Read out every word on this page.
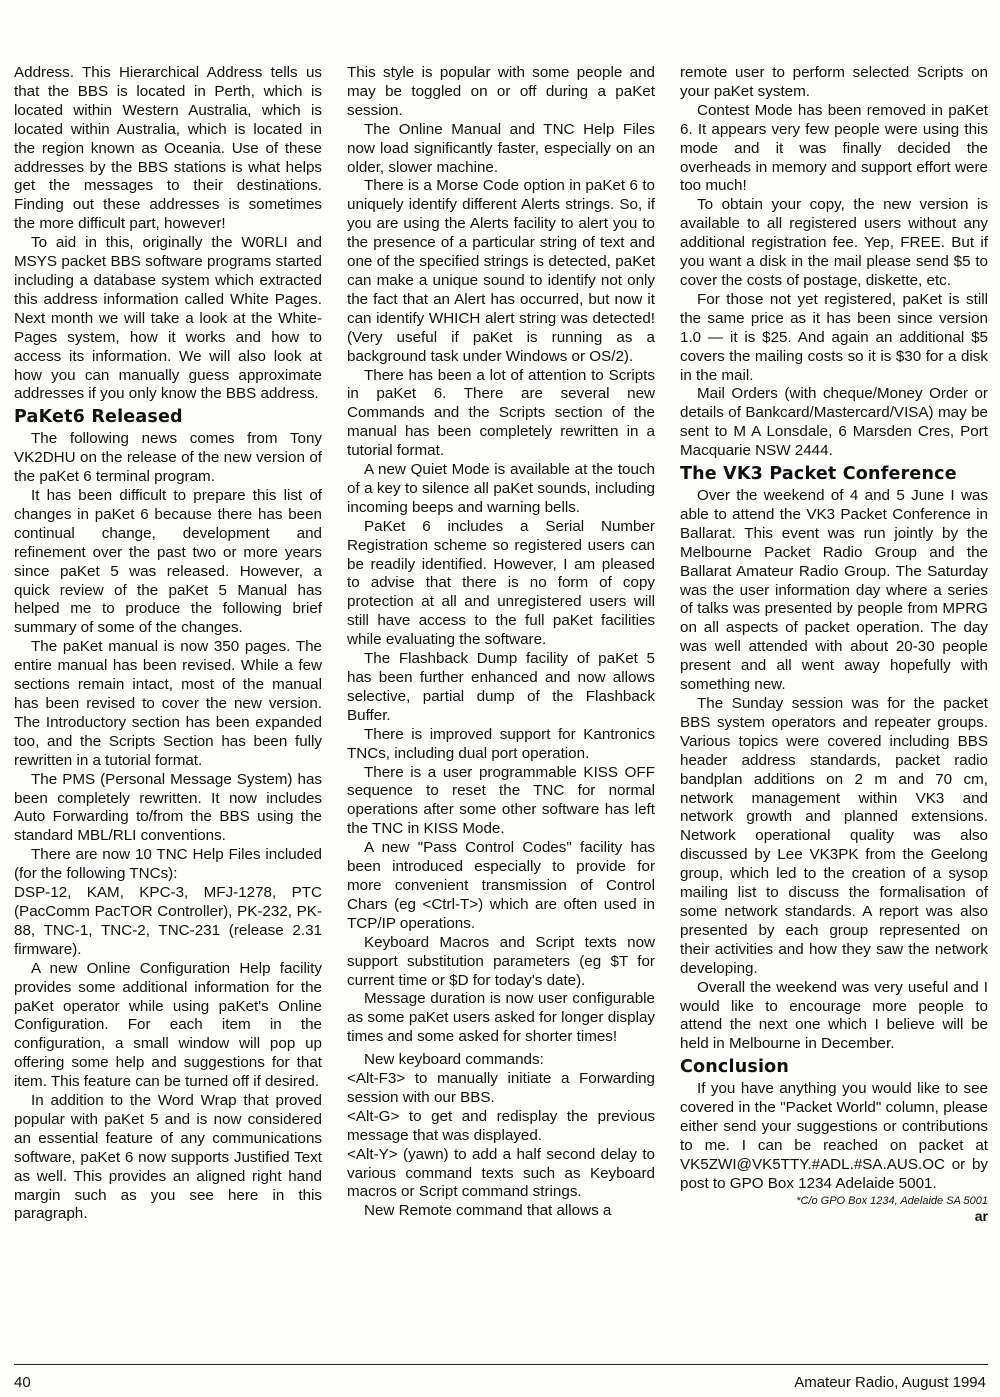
Address. This Hierarchical Address tells us that the BBS is located in Perth, which is located within Western Australia, which is located within Australia, which is located in the region known as Oceania. Use of these addresses by the BBS stations is what helps get the messages to their destinations. Finding out these addresses is sometimes the more difficult part, however!

To aid in this, originally the W0RLI and MSYS packet BBS software programs started including a database system which extracted this address information called White Pages. Next month we will take a look at the White-Pages system, how it works and how to access its information. We will also look at how you can manually guess approximate addresses if you only know the BBS address.

PaKet6 Released

The following news comes from Tony VK2DHU on the release of the new version of the paKet 6 terminal program.

It has been difficult to prepare this list of changes in paKet 6 because there has been continual change, development and refinement over the past two or more years since paKet 5 was released. However, a quick review of the paKet 5 Manual has helped me to produce the following brief summary of some of the changes.

The paKet manual is now 350 pages. The entire manual has been revised. While a few sections remain intact, most of the manual has been revised to cover the new version. The Introductory section has been expanded too, and the Scripts Section has been fully rewritten in a tutorial format.

The PMS (Personal Message System) has been completely rewritten. It now includes Auto Forwarding to/from the BBS using the standard MBL/RLI conventions.

There are now 10 TNC Help Files included (for the following TNCs):

DSP-12, KAM, KPC-3, MFJ-1278, PTC (PacComm PacTOR Controller), PK-232, PK-88, TNC-1, TNC-2, TNC-231 (release 2.31 firmware).

A new Online Configuration Help facility provides some additional information for the paKet operator while using paKet's Online Configuration. For each item in the configuration, a small window will pop up offering some help and suggestions for that item. This feature can be turned off if desired.

In addition to the Word Wrap that proved popular with paKet 5 and is now considered an essential feature of any communications software, paKet 6 now supports Justified Text as well. This provides an aligned right hand margin such as you see here in this paragraph.

This style is popular with some people and may be toggled on or off during a paKet session.

The Online Manual and TNC Help Files now load significantly faster, especially on an older, slower machine.

There is a Morse Code option in paKet 6 to uniquely identify different Alerts strings. So, if you are using the Alerts facility to alert you to the presence of a particular string of text and one of the specified strings is detected, paKet can make a unique sound to identify not only the fact that an Alert has occurred, but now it can identify WHICH alert string was detected! (Very useful if paKet is running as a background task under Windows or OS/2).

There has been a lot of attention to Scripts in paKet 6. There are several new Commands and the Scripts section of the manual has been completely rewritten in a tutorial format.

A new Quiet Mode is available at the touch of a key to silence all paKet sounds, including incoming beeps and warning bells.

PaKet 6 includes a Serial Number Registration scheme so registered users can be readily identified. However, I am pleased to advise that there is no form of copy protection at all and unregistered users will still have access to the full paKet facilities while evaluating the software.

The Flashback Dump facility of paKet 5 has been further enhanced and now allows selective, partial dump of the Flashback Buffer.

There is improved support for Kantronics TNCs, including dual port operation.

There is a user programmable KISS OFF sequence to reset the TNC for normal operations after some other software has left the TNC in KISS Mode.

A new "Pass Control Codes" facility has been introduced especially to provide for more convenient transmission of Control Chars (eg <Ctrl-T>) which are often used in TCP/IP operations.

Keyboard Macros and Script texts now support substitution parameters (eg $T for current time or $D for today's date).

Message duration is now user configurable as some paKet users asked for longer display times and some asked for shorter times!

New keyboard commands:

<Alt-F3> to manually initiate a Forwarding session with our BBS.

<Alt-G> to get and redisplay the previous message that was displayed.

<Alt-Y> (yawn) to add a half second delay to various command texts such as Keyboard macros or Script command strings.

New Remote command that allows a

remote user to perform selected Scripts on your paKet system.

Contest Mode has been removed in paKet 6. It appears very few people were using this mode and it was finally decided the overheads in memory and support effort were too much!

To obtain your copy, the new version is available to all registered users without any additional registration fee. Yep, FREE. But if you want a disk in the mail please send $5 to cover the costs of postage, diskette, etc.

For those not yet registered, paKet is still the same price as it has been since version 1.0 — it is $25. And again an additional $5 covers the mailing costs so it is $30 for a disk in the mail.

Mail Orders (with cheque/Money Order or details of Bankcard/Mastercard/VISA) may be sent to M A Lonsdale, 6 Marsden Cres, Port Macquarie NSW 2444.

The VK3 Packet Conference

Over the weekend of 4 and 5 June I was able to attend the VK3 Packet Conference in Ballarat. This event was run jointly by the Melbourne Packet Radio Group and the Ballarat Amateur Radio Group. The Saturday was the user information day where a series of talks was presented by people from MPRG on all aspects of packet operation. The day was well attended with about 20-30 people present and all went away hopefully with something new.

The Sunday session was for the packet BBS system operators and repeater groups. Various topics were covered including BBS header address standards, packet radio bandplan additions on 2 m and 70 cm, network management within VK3 and network growth and planned extensions. Network operational quality was also discussed by Lee VK3PK from the Geelong group, which led to the creation of a sysop mailing list to discuss the formalisation of some network standards. A report was also presented by each group represented on their activities and how they saw the network developing.

Overall the weekend was very useful and I would like to encourage more people to attend the next one which I believe will be held in Melbourne in December.

Conclusion

If you have anything you would like to see covered in the "Packet World" column, please either send your suggestions or contributions to me. I can be reached on packet at VK5ZWI@VK5TTY.#ADL.#SA.AUS.OC or by post to GPO Box 1234 Adelaide 5001.

*C/o GPO Box 1234, Adelaide SA 5001

ar

40	Amateur Radio, August 1994
